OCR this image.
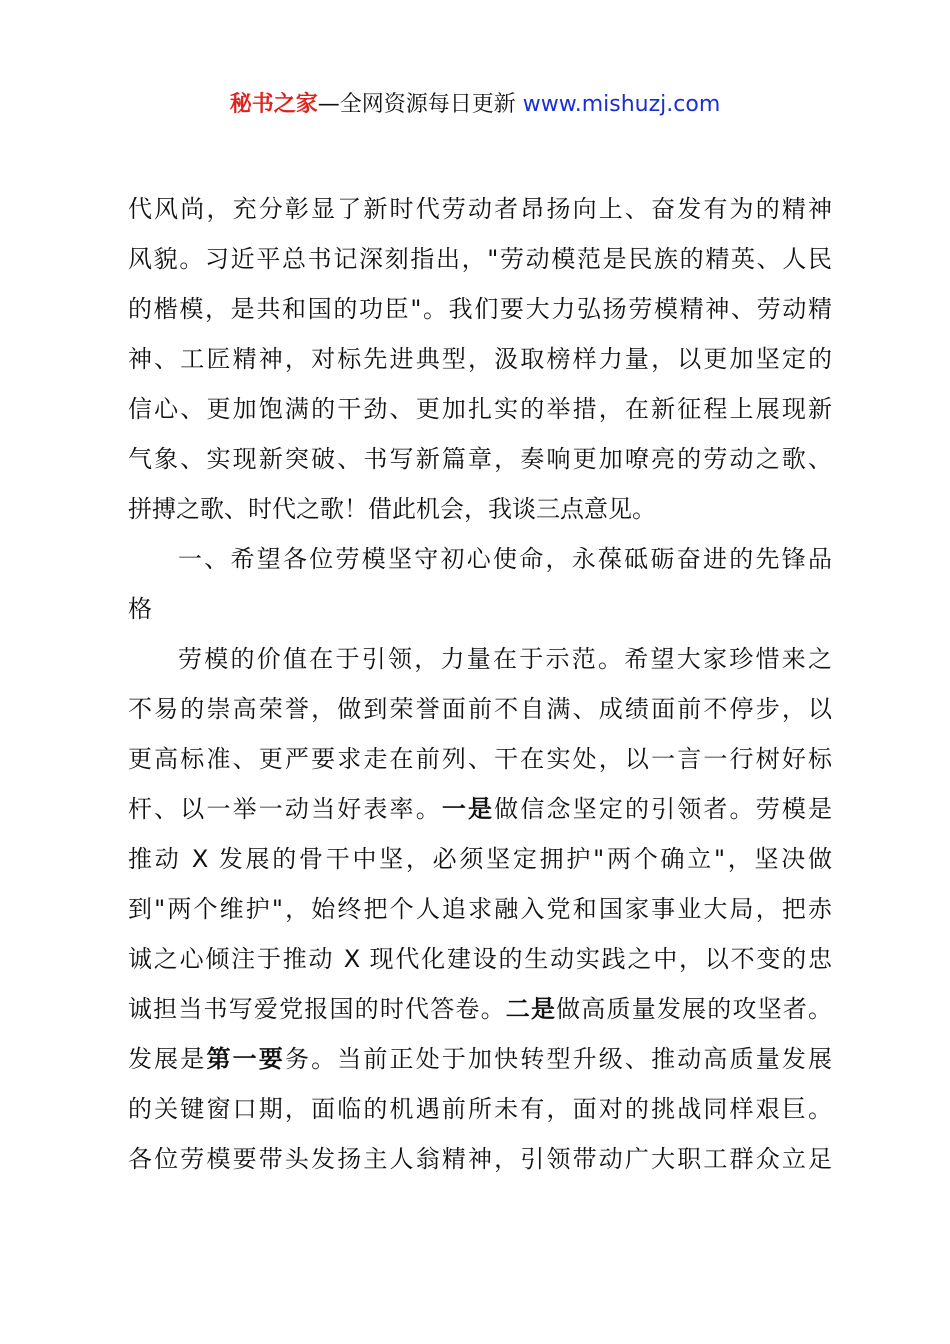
秘书之家—全网资源每日更新 www.mishuzj.com
代风尚，充分彰显了新时代劳动者昂扬向上、奋发有为的精神
风貌。习近平总书记深刻指出，"劳动模范是民族的精英、人民
的楷模，是共和国的功臣"。我们要大力弘扬劳模精神、劳动精
神、工匠精神，对标先进典型，汲取榜样力量，以更加坚定的
信心、更加饱满的干劲、更加扎实的举措，在新征程上展现新
气象、实现新突破、书写新篇章，奏响更加嘹亮的劳动之歌、
拼搏之歌、时代之歌！借此机会，我谈三点意见。
一、希望各位劳模坚守初心使命，永葆砥砺奋进的先锋品
格
劳模的价值在于引领，力量在于示范。希望大家珍惜来之
不易的崇高荣誉，做到荣誉面前不自满、成绩面前不停步，以
更高标准、更严要求走在前列、干在实处，以一言一行树好标
杆、以一举一动当好表率。一是做信念坚定的引领者。劳模是
推动 X 发展的骨干中坚，必须坚定拥护"两个确立"，坚决做
到"两个维护"，始终把个人追求融入党和国家事业大局，把赤
诚之心倾注于推动 X 现代化建设的生动实践之中，以不变的忠
诚担当书写爱党报国的时代答卷。二是做高质量发展的攻坚者。
发展是第一要务。当前正处于加快转型升级、推动高质量发展
的关键窗口期，面临的机遇前所未有，面对的挑战同样艰巨。
各位劳模要带头发扬主人翁精神，引领带动广大职工群众立足
